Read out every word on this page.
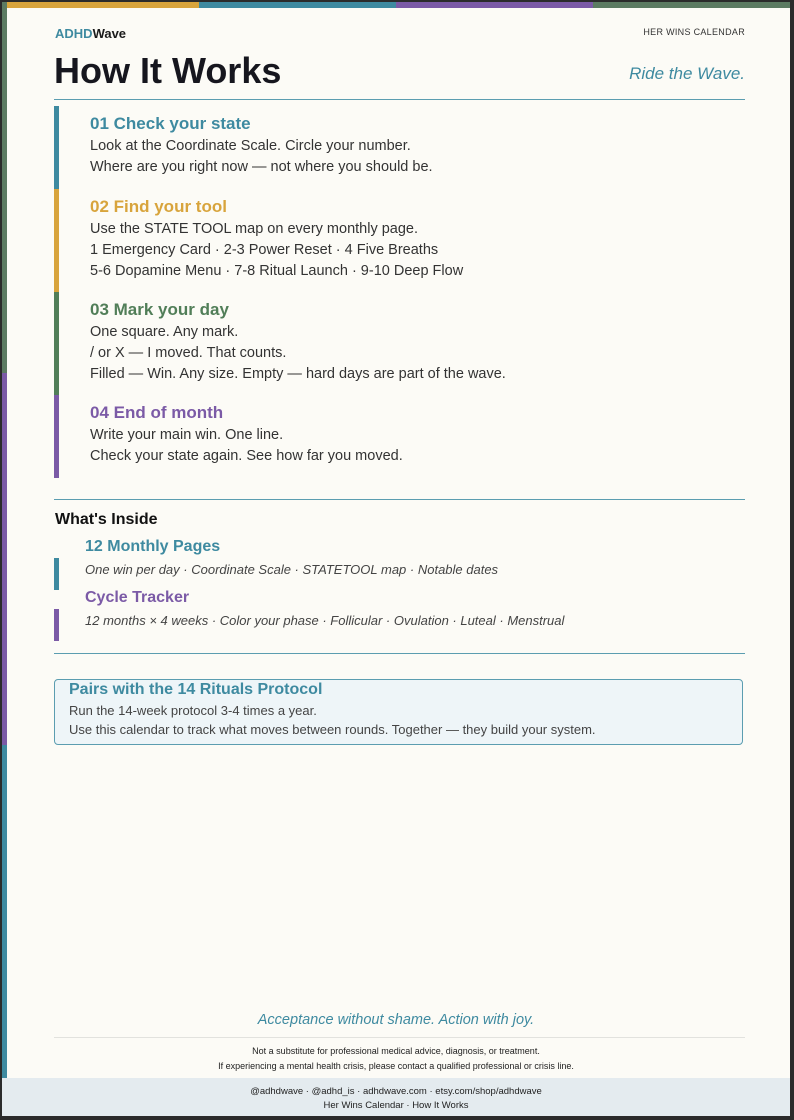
ADHDWave	HER WINS CALENDAR
How It Works	Ride the Wave.
01 Check your state
Look at the Coordinate Scale. Circle your number.
Where are you right now — not where you should be.
02 Find your tool
Use the STATE TOOL map on every monthly page.
1 Emergency Card · 2-3 Power Reset · 4 Five Breaths
5-6 Dopamine Menu · 7-8 Ritual Launch · 9-10 Deep Flow
03 Mark your day
One square. Any mark.
/ or X — I moved. That counts.
Filled — Win. Any size. Empty — hard days are part of the wave.
04 End of month
Write your main win. One line.
Check your state again. See how far you moved.
What's Inside
12 Monthly Pages
One win per day · Coordinate Scale · STATETOOL map · Notable dates
Cycle Tracker
12 months × 4 weeks · Color your phase · Follicular · Ovulation · Luteal · Menstrual
Pairs with the 14 Rituals Protocol
Run the 14-week protocol 3-4 times a year.
Use this calendar to track what moves between rounds. Together — they build your system.
Acceptance without shame. Action with joy.
Not a substitute for professional medical advice, diagnosis, or treatment.
If experiencing a mental health crisis, please contact a qualified professional or crisis line.
@adhdwave · @adhd_is · adhdwave.com · etsy.com/shop/adhdwave
Her Wins Calendar · How It Works
